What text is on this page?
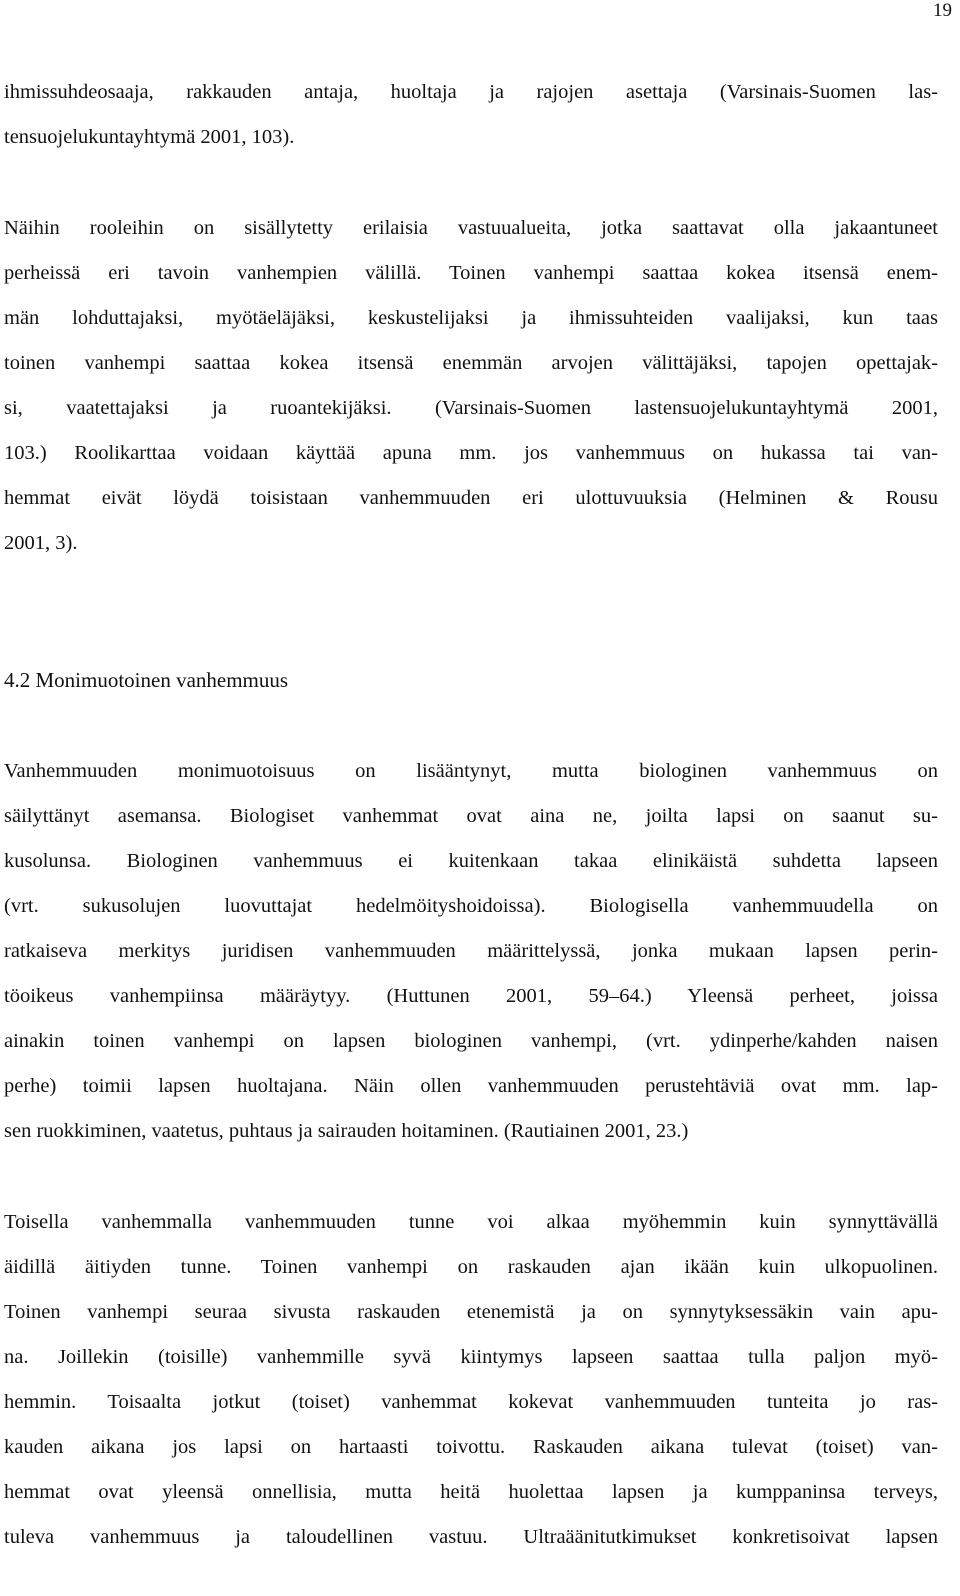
19

ihmissuhdeosaaja, rakkauden antaja, huoltaja ja rajojen asettaja (Varsinais-Suomen las-
tensuojelukuntayhtymä 2001, 103).

Näihin rooleihin on sisällytetty erilaisia vastuualueita, jotka saattavat olla jakaantuneet
perheissä eri tavoin vanhempien välillä. Toinen vanhempi saattaa kokea itsensä enem-
män lohduttajaksi, myötäeläjäksi, keskustelijaksi ja ihmissuhteiden vaalijaksi, kun taas
toinen vanhempi saattaa kokea itsensä enemmän arvojen välittäjäksi, tapojen opettajak-
si, vaatettajaksi ja ruoantekijäksi. (Varsinais-Suomen lastensuojelukuntayhtymä 2001,
103.) Roolikarttaa voidaan käyttää apuna mm. jos vanhemmuus on hukassa tai van-
hemmat eivät löydä toisistaan vanhemmuuden eri ulottuvuuksia (Helminen & Rousu
2001, 3).

4.2 Monimuotoinen vanhemmuus

Vanhemmuuden monimuotoisuus on lisääntynyt, mutta biologinen vanhemmuus on
säilyttänyt asemansa. Biologiset vanhemmat ovat aina ne, joilta lapsi on saanut su-
kusolunsa. Biologinen vanhemmuus ei kuitenkaan takaa elinikäistä suhdetta lapseen
(vrt. sukusolujen luovuttajat hedelmöityshoidoissa). Biologisella vanhemmuudella on
ratkaiseva merkitys juridisen vanhemmuuden määrittelyssä, jonka mukaan lapsen perin-
töoikeus vanhempiinsa määräytyy. (Huttunen 2001, 59–64.) Yleensä perheet, joissa
ainakin toinen vanhempi on lapsen biologinen vanhempi, (vrt. ydinperhe/kahden naisen
perhe) toimii lapsen huoltajana. Näin ollen vanhemmuuden perustehtäviä ovat mm. lap-
sen ruokkiminen, vaatetus, puhtaus ja sairauden hoitaminen. (Rautiainen 2001, 23.)

Toisella vanhemmalla vanhemmuuden tunne voi alkaa myöhemmin kuin synnyttävällä
äidillä äitiyden tunne. Toinen vanhempi on raskauden ajan ikään kuin ulkopuolinen.
Toinen vanhempi seuraa sivusta raskauden etenemistä ja on synnytyksessäkin vain apu-
na. Joillekin (toisille) vanhemmille syvä kiintymys lapseen saattaa tulla paljon myö-
hemmin. Toisaalta jotkut (toiset) vanhemmat kokevat vanhemmuuden tunteita jo ras-
kauden aikana jos lapsi on hartaasti toivottu. Raskauden aikana tulevat (toiset) van-
hemmat ovat yleensä onnellisia, mutta heitä huolettaa lapsen ja kumppaninsa terveys,
tuleva vanhemmuus ja taloudellinen vastuu. Ultraäänitutkimukset konkretisoivat lapsen
